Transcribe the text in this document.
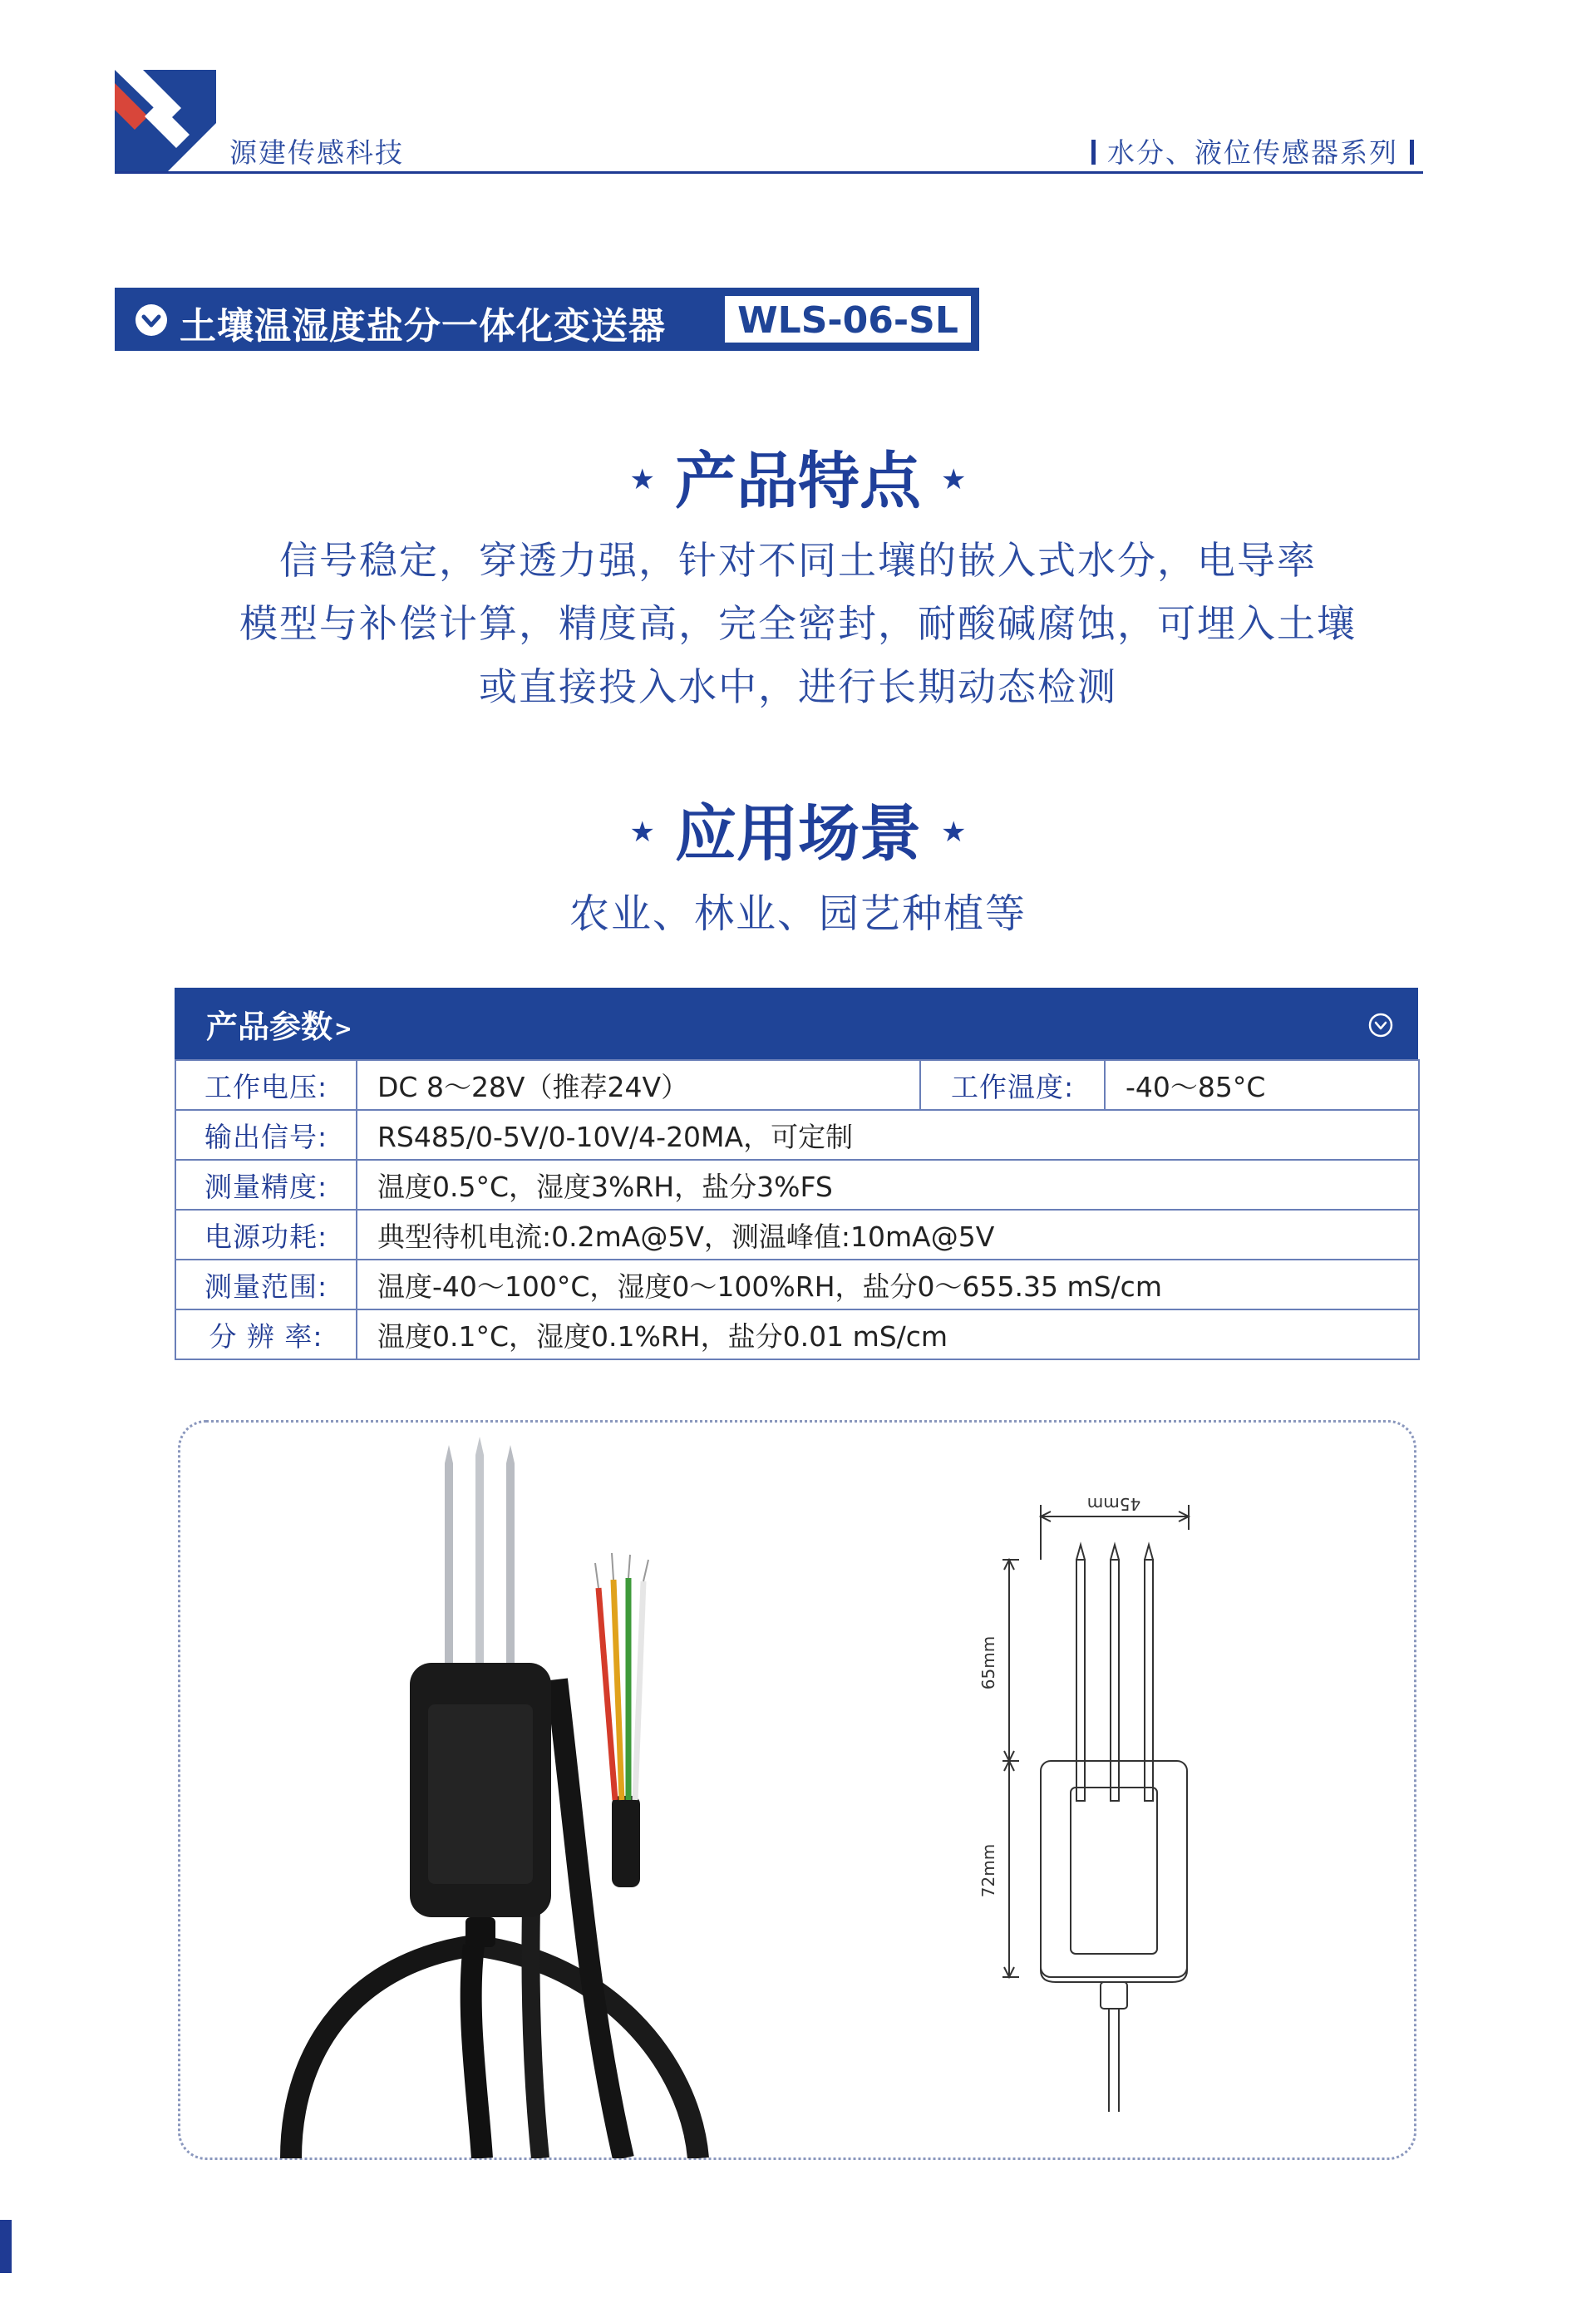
源建传感科技	水分、液位传感器系列
土壤温湿度盐分一体化变送器	WLS-06-SL
★ 产品特点 ★
信号稳定，穿透力强，针对不同土壤的嵌入式水分，电导率
模型与补偿计算，精度高，完全密封，耐酸碱腐蚀，可埋入土壤
或直接投入水中，进行长期动态检测
★ 应用场景 ★
农业、林业、园艺种植等
产品参数>
工作电压:	DC 8～28V（推荐24V）	工作温度:	-40～85°C
输出信号:	RS485/0-5V/0-10V/4-20MA，可定制		
测量精度:	温度0.5°C，湿度3%RH，盐分3%FS		
电源功耗:	典型待机电流:0.2mA@5V，测温峰值:10mA@5V		
测量范围:	温度-40～100°C，湿度0～100%RH，盐分0～655.35 mS/cm		
分 辨 率:	温度0.1°C，湿度0.1%RH，盐分0.01 mS/cm		
45mm
65mm
72mm
